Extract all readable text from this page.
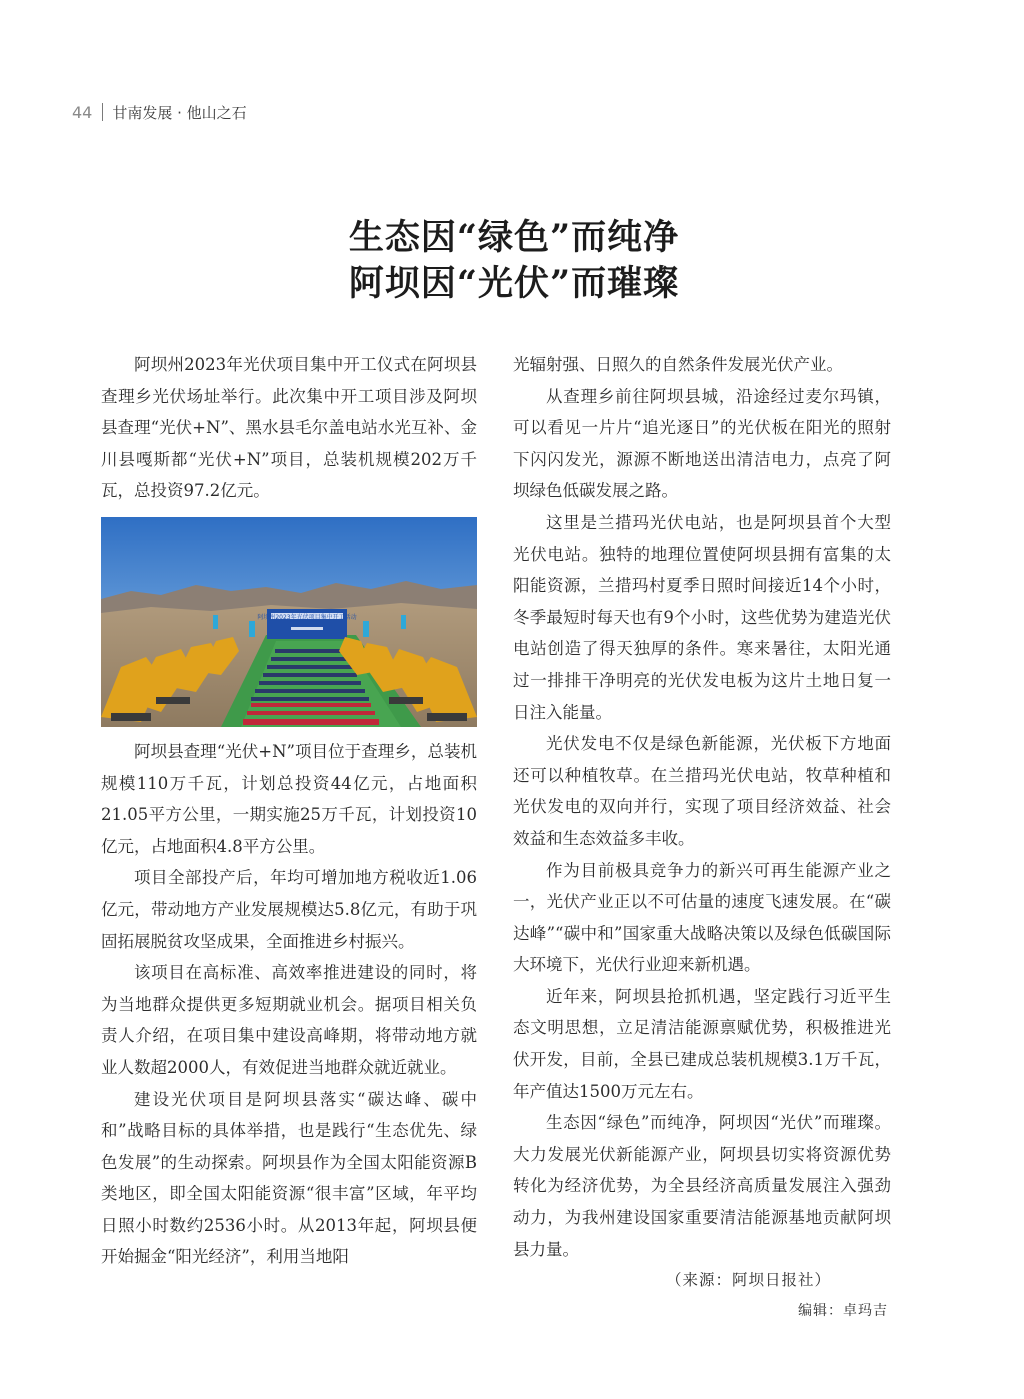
44 甘南发展 · 他山之石
生态因“绿色”而纯净
阿坝因“光伏”而璀璨

阿坝州2023年光伏项目集中开工仪式在阿坝县查理乡光伏场址举行。此次集中开工项目涉及阿坝县查理“光伏+N”、黑水县毛尔盖电站水光互补、金川县嘎斯都“光伏+N”项目，总装机规模202万千瓦，总投资97.2亿元。

阿坝州2023年光伏项目集中开工活动

阿坝县查理“光伏+N”项目位于查理乡，总装机规模110万千瓦，计划总投资44亿元，占地面积21.05平方公里，一期实施25万千瓦，计划投资10亿元，占地面积4.8平方公里。

项目全部投产后，年均可增加地方税收近1.06亿元，带动地方产业发展规模达5.8亿元，有助于巩固拓展脱贫攻坚成果，全面推进乡村振兴。

该项目在高标准、高效率推进建设的同时，将为当地群众提供更多短期就业机会。据项目相关负责人介绍，在项目集中建设高峰期，将带动地方就业人数超2000人，有效促进当地群众就近就业。

建设光伏项目是阿坝县落实“碳达峰、碳中和”战略目标的具体举措，也是践行“生态优先、绿色发展”的生动探索。阿坝县作为全国太阳能资源B类地区，即全国太阳能资源“很丰富”区域，年平均日照小时数约2536小时。从2013年起，阿坝县便开始掘金“阳光经济”，利用当地阳

光辐射强、日照久的自然条件发展光伏产业。

从查理乡前往阿坝县城，沿途经过麦尔玛镇，可以看见一片片“追光逐日”的光伏板在阳光的照射下闪闪发光，源源不断地送出清洁电力，点亮了阿坝绿色低碳发展之路。

这里是兰措玛光伏电站，也是阿坝县首个大型光伏电站。独特的地理位置使阿坝县拥有富集的太阳能资源，兰措玛村夏季日照时间接近14个小时，冬季最短时每天也有9个小时，这些优势为建造光伏电站创造了得天独厚的条件。寒来暑往，太阳光通过一排排干净明亮的光伏发电板为这片土地日复一日注入能量。

光伏发电不仅是绿色新能源，光伏板下方地面还可以种植牧草。在兰措玛光伏电站，牧草种植和光伏发电的双向并行，实现了项目经济效益、社会效益和生态效益多丰收。

作为目前极具竞争力的新兴可再生能源产业之一，光伏产业正以不可估量的速度飞速发展。在“碳达峰”“碳中和”国家重大战略决策以及绿色低碳国际大环境下，光伏行业迎来新机遇。

近年来，阿坝县抢抓机遇，坚定践行习近平生态文明思想，立足清洁能源禀赋优势，积极推进光伏开发，目前，全县已建成总装机规模3.1万千瓦，年产值达1500万元左右。

生态因“绿色”而纯净，阿坝因“光伏”而璀璨。大力发展光伏新能源产业，阿坝县切实将资源优势转化为经济优势，为全县经济高质量发展注入强劲动力，为我州建设国家重要清洁能源基地贡献阿坝县力量。

（来源：阿坝日报社）
编辑：卓玛吉
